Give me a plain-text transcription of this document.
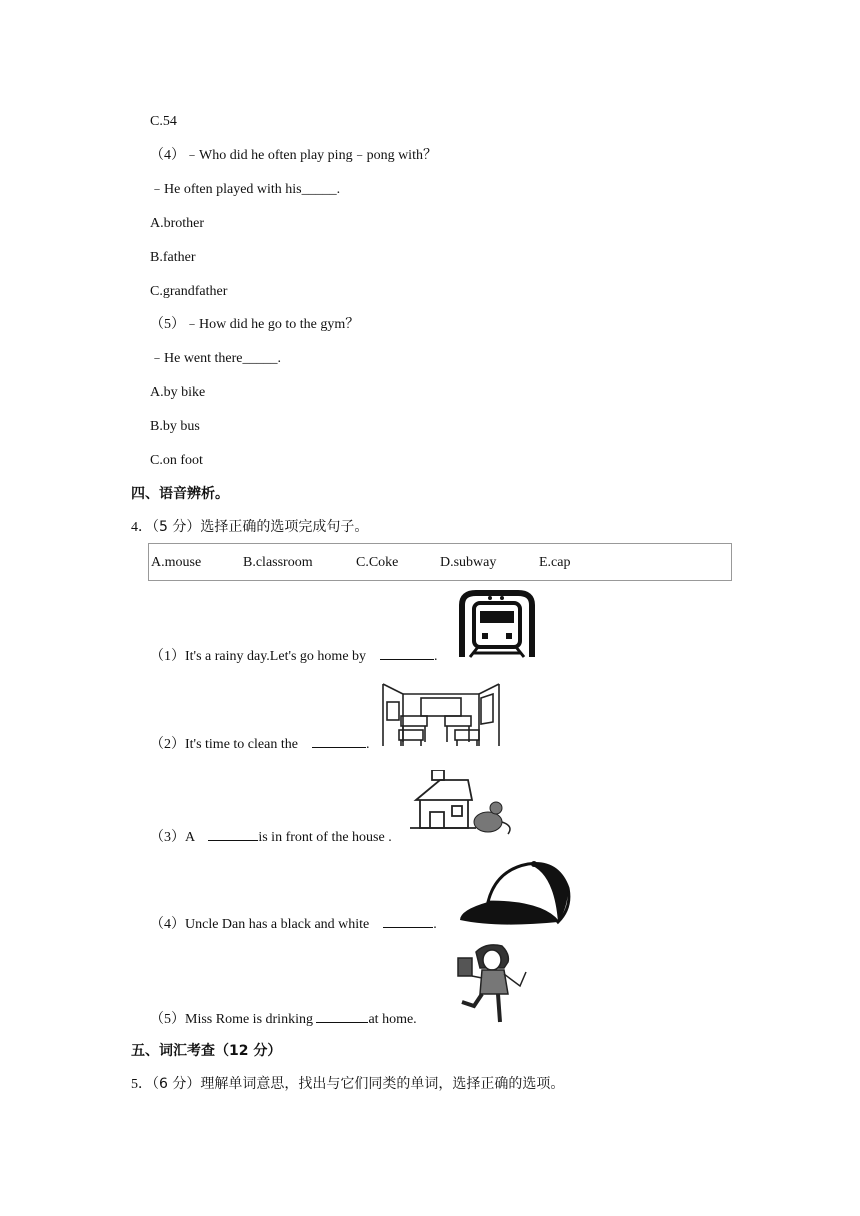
C.54
（4）﹣Who did he often play ping﹣pong with？
﹣He often played with his_____.
A.brother
B.father
C.grandfather
（5）﹣How did he go to the gym？
﹣He went there_____.
A.by bike
B.by bus
C.on foot
四、语音辨析。
4．（5 分）选择正确的选项完成句子。
A.mouse	B.classroom	C.Coke	D.subway	E.cap
（1）It's a rainy day.Let's go home by	.
（2）It's time to clean the	.
（3）A	is in front of the house .
（4）Uncle Dan has a black and white	.
（5）Miss Rome is drinking	at home.
五、词汇考查（12 分）
5．（6 分）理解单词意思，找出与它们同类的单词，选择正确的选项。
